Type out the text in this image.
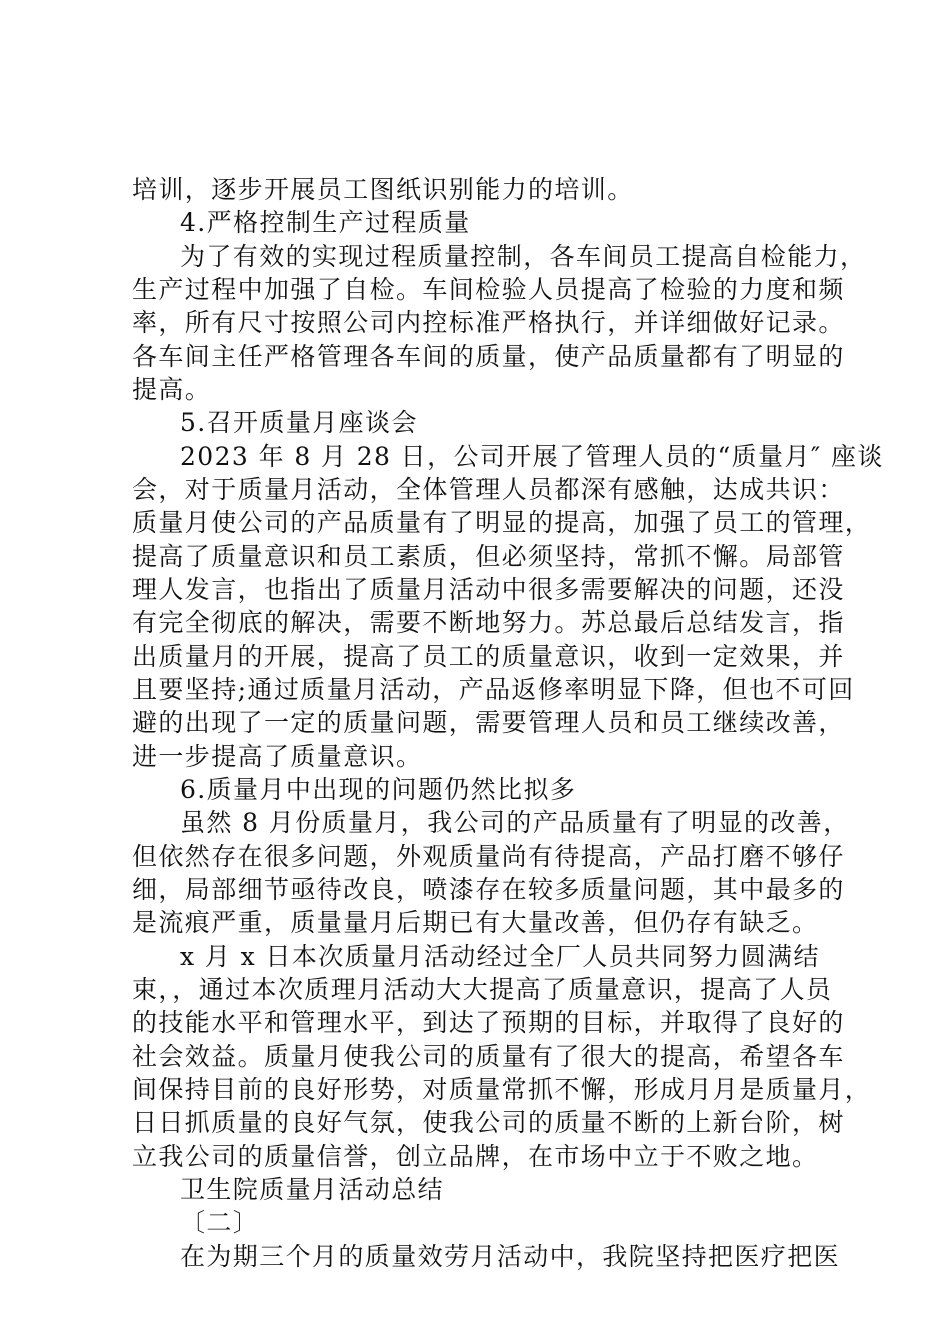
培训，逐步开展员工图纸识别能力的培训。
4.严格控制生产过程质量
为了有效的实现过程质量控制，各车间员工提高自检能力，
生产过程中加强了自检。车间检验人员提高了检验的力度和频
率，所有尺寸按照公司内控标准严格执行，并详细做好记录。
各车间主任严格管理各车间的质量，使产品质量都有了明显的
提高。
5.召开质量月座谈会
2023 年 8 月 28 日，公司开展了管理人员的“质量月″ 座谈
会，对于质量月活动，全体管理人员都深有感触，达成共识：
质量月使公司的产品质量有了明显的提高，加强了员工的管理，
提高了质量意识和员工素质，但必须坚持，常抓不懈。局部管
理人发言，也指出了质量月活动中很多需要解决的问题，还没
有完全彻底的解决，需要不断地努力。苏总最后总结发言，指
出质量月的开展，提高了员工的质量意识，收到一定效果，并
且要坚持;通过质量月活动，产品返修率明显下降，但也不可回
避的出现了一定的质量问题，需要管理人员和员工继续改善，
进一步提高了质量意识。
6.质量月中出现的问题仍然比拟多
虽然 8 月份质量月，我公司的产品质量有了明显的改善，
但依然存在很多问题，外观质量尚有待提高，产品打磨不够仔
细，局部细节亟待改良，喷漆存在较多质量问题，其中最多的
是流痕严重，质量量月后期已有大量改善，但仍存有缺乏。
x 月 x 日本次质量月活动经过全厂人员共同努力圆满结
束，，通过本次质理月活动大大提高了质量意识，提高了人员
的技能水平和管理水平，到达了预期的目标，并取得了良好的
社会效益。质量月使我公司的质量有了很大的提高，希望各车
间保持目前的良好形势，对质量常抓不懈，形成月月是质量月，
日日抓质量的良好气氛，使我公司的质量不断的上新台阶，树
立我公司的质量信誉，创立品牌，在市场中立于不败之地。
卫生院质量月活动总结
〔二〕
在为期三个月的质量效劳月活动中，我院坚持把医疗把医
